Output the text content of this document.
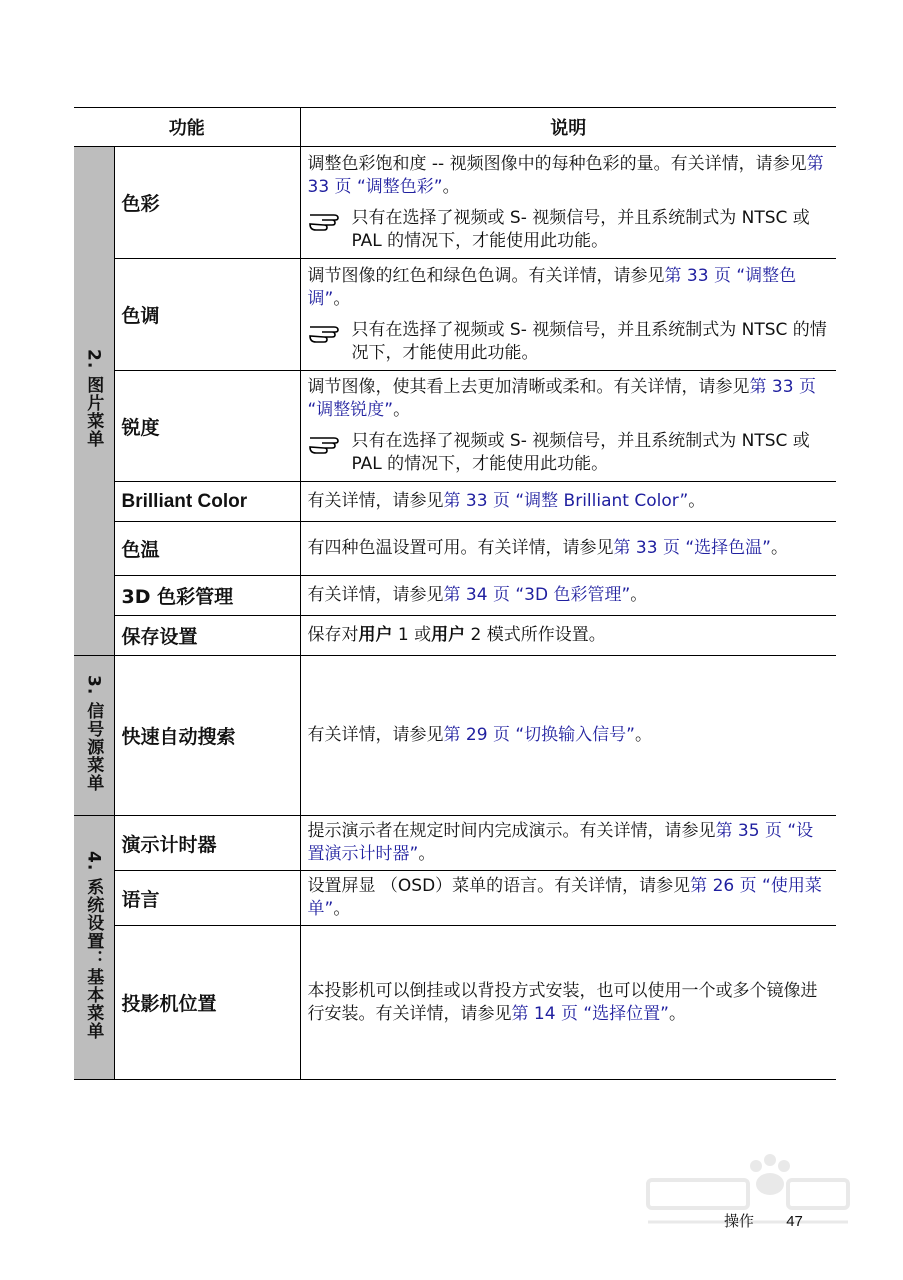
功能		说明
2. 图片菜单	色彩	调整色彩饱和度 -- 视频图像中的每种色彩的量。有关详情，请参见第 33 页 “调整色彩”。
只有在选择了视频或 S- 视频信号，并且系统制式为 NTSC 或 PAL 的情况下，才能使用此功能。

	色调	调节图像的红色和绿色色调。有关详情，请参见第 33 页 “调整色调”。
只有在选择了视频或 S- 视频信号，并且系统制式为 NTSC 的情况下，才能使用此功能。

	锐度	调节图像，使其看上去更加清晰或柔和。有关详情，请参见第 33 页 “调整锐度”。
只有在选择了视频或 S- 视频信号，并且系统制式为 NTSC 或 PAL 的情况下，才能使用此功能。

	Brilliant Color	有关详情，请参见第 33 页 “调整 Brilliant Color”。
	色温	有四种色温设置可用。有关详情，请参见第 33 页 “选择色温”。
	3D 色彩管理	有关详情，请参见第 34 页 “3D 色彩管理”。
	保存设置	保存对用户 1 或用户 2 模式所作设置。
3. 信号源菜单	快速自动搜索	有关详情，请参见第 29 页 “切换输入信号”。
4. 系统设置：基本菜单	演示计时器	提示演示者在规定时间内完成演示。有关详情，请参见第 35 页 “设置演示计时器”。
	语言	设置屏显 （OSD）菜单的语言。有关详情，请参见第 26 页 “使用菜单”。
	投影机位置	本投影机可以倒挂或以背投方式安装，也可以使用一个或多个镜像进行安装。有关详情，请参见第 14 页 “选择位置”。
操作 47
